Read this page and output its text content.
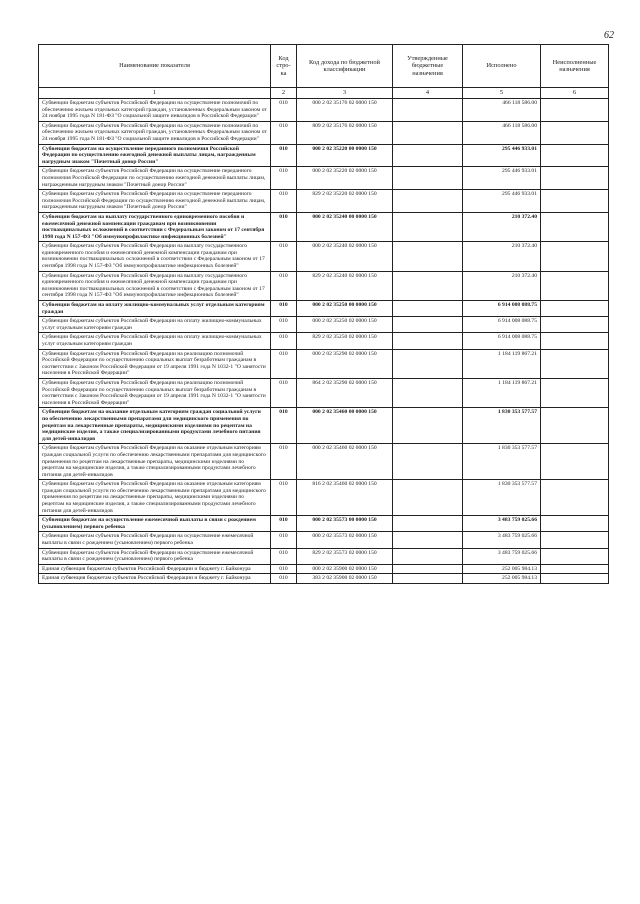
62
Наименование показателя	Код стро-ка	Код дохода по бюджетной классификации	Утвержденные бюджетные назначения	Исполнено	Неисполненные назначения
1	2	3	4	5	6
Субвенции бюджетам субъектов Российской Федерации на осуществление полномочий по обеспечению жильем отдельных категорий граждан, установленных Федеральным законом от 24 ноября 1995 года N 181-ФЗ "О социальной защите инвалидов в Российской Федерации"	010	000 2 02 35176 02 0000 150		466 118 586.00	
Субвенции бюджетам субъектов Российской Федерации на осуществление полномочий по обеспечению жильем отдельных категорий граждан, установленных Федеральным законом от 24 ноября 1995 года N 181-ФЗ "О социальной защите инвалидов в Российской Федерации"	010	809 2 02 35176 02 0000 150		466 118 586.00	
Субвенции бюджетам на осуществление переданного полномочия Российской Федерации по осуществлению ежегодной денежной выплаты лицам, награжденным нагрудным знаком "Почетный донор России"	010	000 2 02 35220 00 0000 150		295 446 933.01	
Субвенции бюджетам субъектов Российской Федерации на осуществление переданного полномочия Российской Федерации по осуществлению ежегодной денежной выплаты лицам, награжденным нагрудным знаком "Почетный донор России"	010	000 2 02 35220 02 0000 150		295 446 933.01	
Субвенции бюджетам субъектов Российской Федерации на осуществление переданного полномочия Российской Федерации по осуществлению ежегодной денежной выплаты лицам, награжденным нагрудным знаком "Почетный донор России"	010	829 2 02 35220 02 0000 150		295 446 933.01	
Субвенции бюджетам на выплату государственного единовременного пособия и ежемесячной денежной компенсации гражданам при возникновении поствакцинальных осложнений в соответствии с Федеральным законом от 17 сентября 1998 года N 157-ФЗ "Об иммунопрофилактике инфекционных болезней"	010	000 2 02 35240 00 0000 150		210 372.40	
Субвенции бюджетам субъектов Российской Федерации на выплату государственного единовременного пособия и ежемесячной денежной компенсации гражданам при возникновении поствакцинальных осложнений в соответствии с Федеральным законом от 17 сентября 1998 года N 157-ФЗ "Об иммунопрофилактике инфекционных болезней"	010	000 2 02 35240 02 0000 150		210 372.40	
Субвенции бюджетам субъектов Российской Федерации на выплату государственного единовременного пособия и ежемесячной денежной компенсации гражданам при возникновении поствакцинальных осложнений в соответствии с Федеральным законом от 17 сентября 1998 года N 157-ФЗ "Об иммунопрофилактике инфекционных болезней"	010	829 2 02 35240 02 0000 150		210 372.40	
Субвенции бюджетам на оплату жилищно-коммунальных услуг отдельным категориям граждан	010	000 2 02 35250 00 0000 150		6 914 008 088.75	
Субвенции бюджетам субъектов Российской Федерации на оплату жилищно-коммунальных услуг отдельным категориям граждан	010	000 2 02 35250 02 0000 150		6 914 008 088.75	
Субвенции бюджетам субъектов Российской Федерации на оплату жилищно-коммунальных услуг отдельным категориям граждан	010	829 2 02 35250 02 0000 150		6 914 008 088.75	
Субвенции бюджетам субъектов Российской Федерации на реализацию полномочий Российской Федерации по осуществлению социальных выплат безработным гражданам в соответствии с Законом Российской Федерации от 19 апреля 1991 года N 1032-1 "О занятости населения в Российской Федерации"	010	000 2 02 35290 02 0000 150		1 184 119 867.21	
Субвенции бюджетам субъектов Российской Федерации на реализацию полномочий Российской Федерации по осуществлению социальных выплат безработным гражданам в соответствии с Законом Российской Федерации от 19 апреля 1991 года N 1032-1 "О занятости населения в Российской Федерации"	010	864 2 02 35290 02 0000 150		1 184 119 867.21	
Субвенции бюджетам на оказание отдельным категориям граждан социальной услуги по обеспечению лекарственными препаратами для медицинского применения по рецептам на лекарственные препараты, медицинскими изделиями по рецептам на медицинские изделия, а также специализированными продуктами лечебного питания для детей-инвалидов	010	000 2 02 35460 00 0000 150		1 830 353 577.57	
Субвенции бюджетам субъектов Российской Федерации на оказание отдельным категориям граждан социальной услуги по обеспечению лекарственными препаратами для медицинского применения по рецептам на лекарственные препараты, медицинскими изделиями по рецептам на медицинские изделия, а также специализированными продуктами лечебного питания для детей-инвалидов	010	000 2 02 35460 02 0000 150		1 830 353 577.57	
Субвенции бюджетам субъектов Российской Федерации на оказание отдельным категориям граждан социальной услуги по обеспечению лекарственными препаратами для медицинского применения по рецептам на лекарственные препараты, медицинскими изделиями по рецептам на медицинские изделия, а также специализированными продуктами лечебного питания для детей-инвалидов	010	816 2 02 35460 02 0000 150		1 830 353 577.57	
Субвенции бюджетам на осуществление ежемесячной выплаты в связи с рождением (усыновлением) первого ребенка	010	000 2 02 35573 00 0000 150		3 483 759 025.66	
Субвенции бюджетам субъектов Российской Федерации на осуществление ежемесячной выплаты в связи с рождением (усыновлением) первого ребенка	010	000 2 02 35573 02 0000 150		3 483 759 025.66	
Субвенции бюджетам субъектов Российской Федерации на осуществление ежемесячной выплаты в связи с рождением (усыновлением) первого ребенка	010	829 2 02 35573 02 0000 150		3 483 759 025.66	
Единая субвенция бюджетам субъектов Российской Федерации и бюджету г. Байконура	010	000 2 02 35900 02 0000 150		252 005 984.13	
Единая субвенция бюджетам субъектов Российской Федерации и бюджету г. Байконура	010	383 2 02 35900 02 0000 150		252 005 984.13	
